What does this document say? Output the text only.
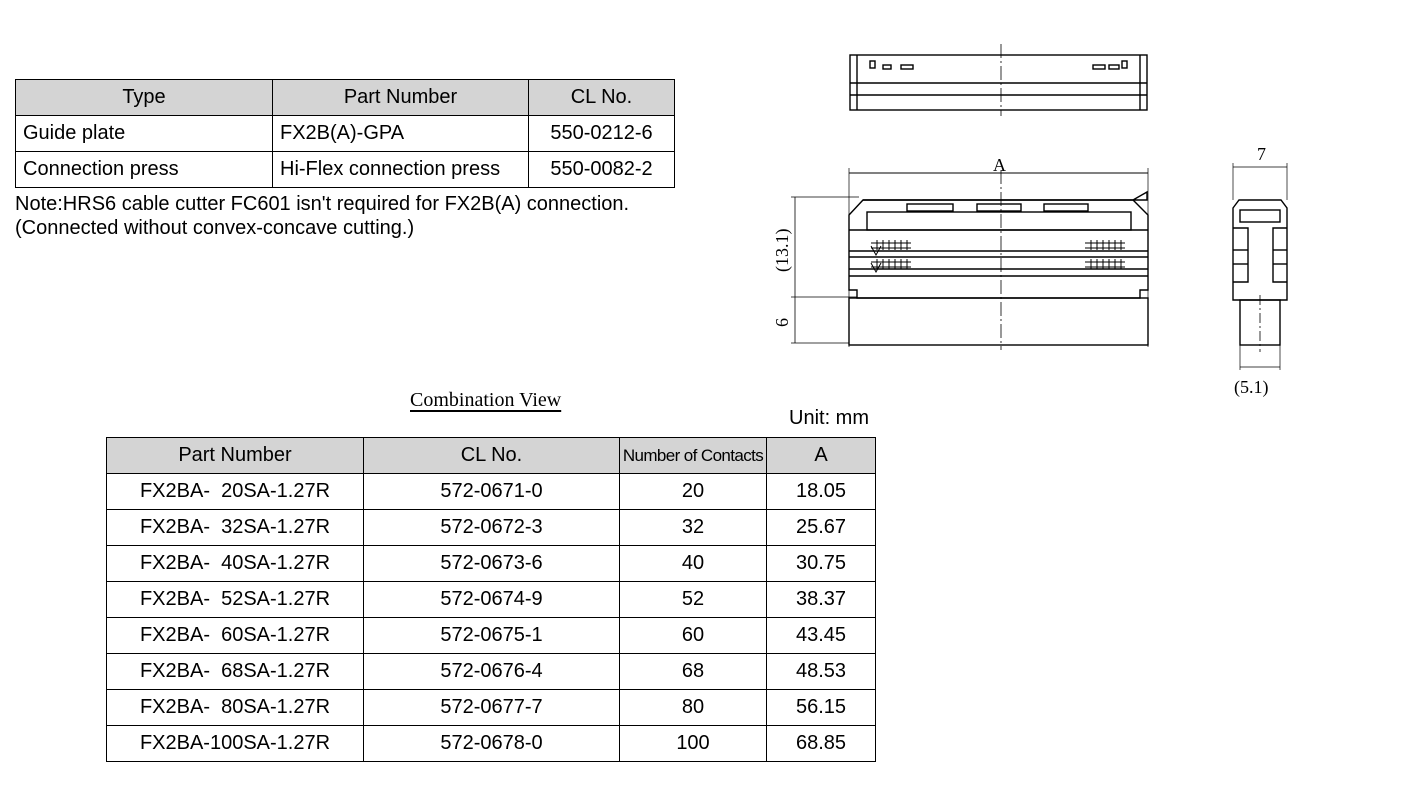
Type	Part Number	CL No.
Guide plate	FX2B(A)-GPA	550-0212-6
Connection press	Hi-Flex connection press	550-0082-2
Note:HRS6 cable cutter FC601 isn't required for FX2B(A) connection.
(Connected without convex-concave cutting.)
A
(13.1)
6
7
(5.1)
Combination View
Unit: mm
Part Number	CL No.	Number of Contacts	A
FX2BA-  20SA-1.27R	572-0671-0	20	18.05
FX2BA-  32SA-1.27R	572-0672-3	32	25.67
FX2BA-  40SA-1.27R	572-0673-6	40	30.75
FX2BA-  52SA-1.27R	572-0674-9	52	38.37
FX2BA-  60SA-1.27R	572-0675-1	60	43.45
FX2BA-  68SA-1.27R	572-0676-4	68	48.53
FX2BA-  80SA-1.27R	572-0677-7	80	56.15
FX2BA-100SA-1.27R	572-0678-0	100	68.85
